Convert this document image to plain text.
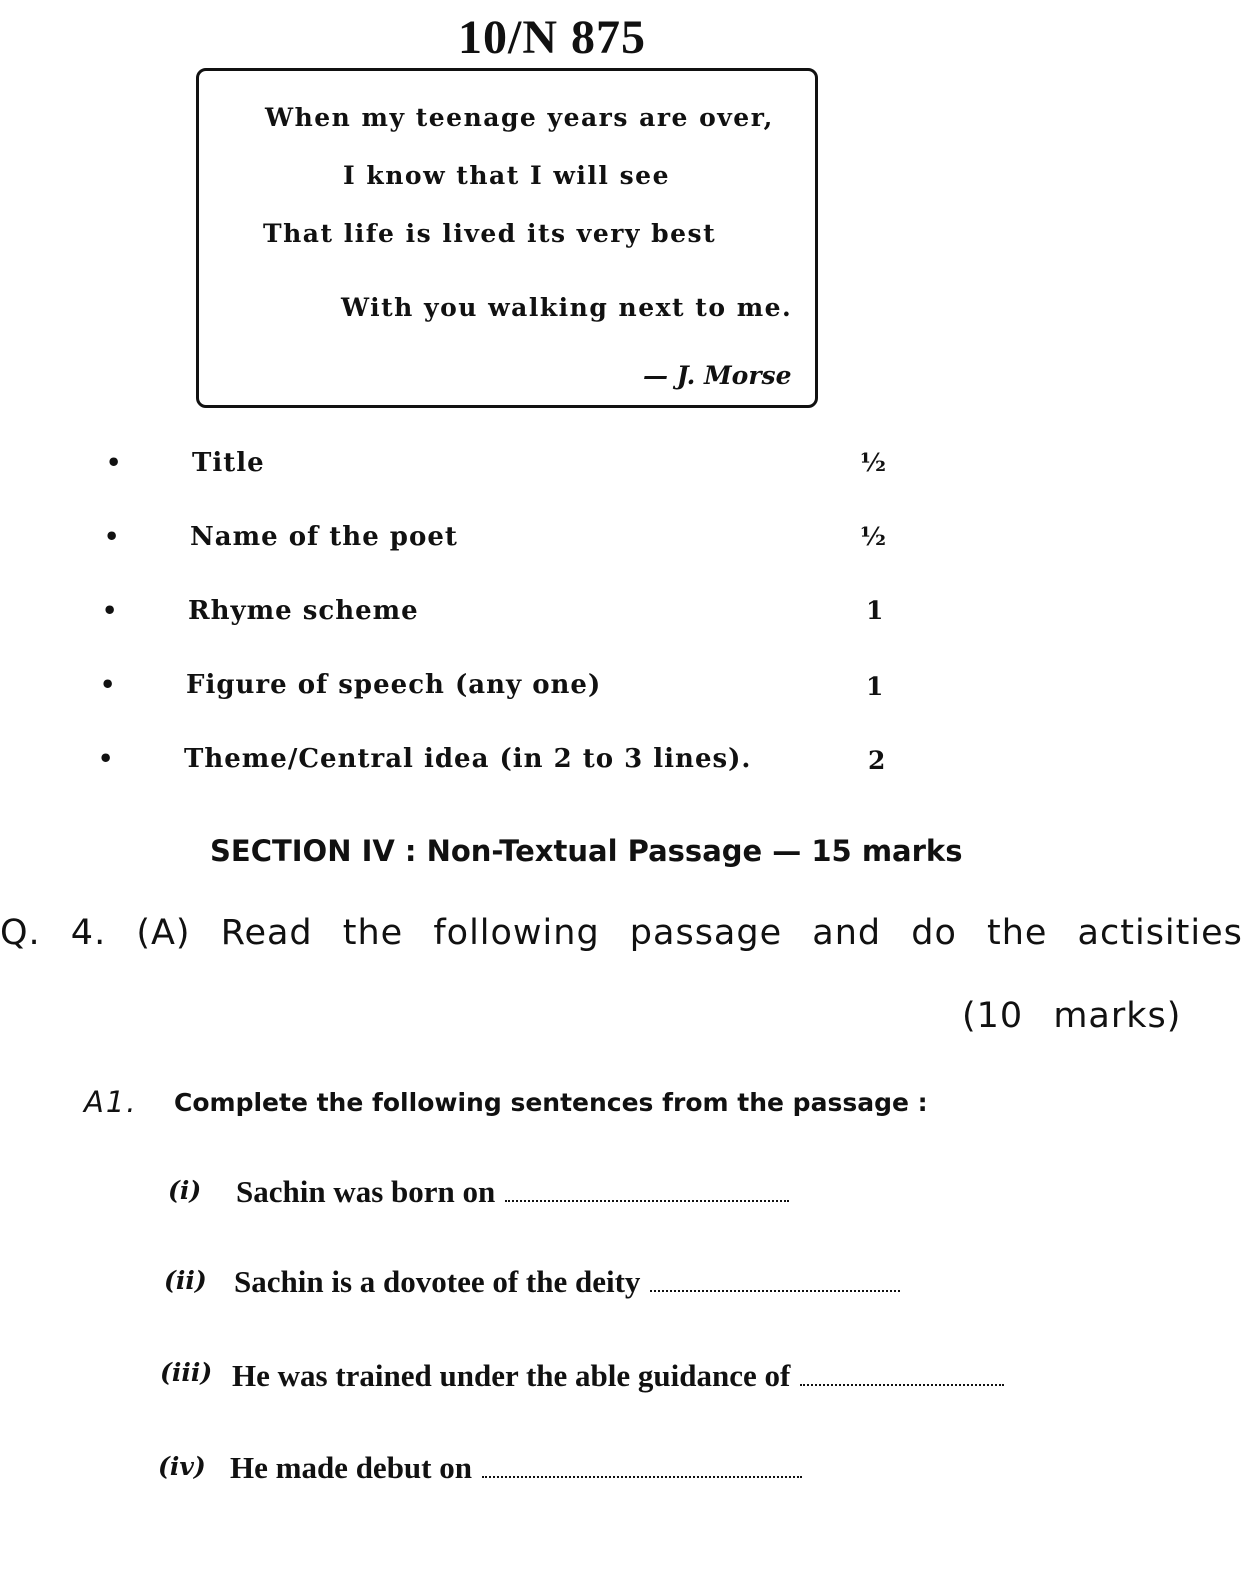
10/N 875
When my teenage years are over,
I know that I will see
That life is lived its very best
With you walking next to me.
— J. Morse
•	Title	½
•	Name of the poet	½
•	Rhyme scheme	1
•	Figure of speech (any one)	1
•	Theme/Central idea (in 2 to 3 lines).	2
SECTION IV : Non-Textual Passage — 15 marks
Q. 4. (A) Read the following passage and do the actisities
(10 marks)
A1. Complete the following sentences from the passage :
(i) Sachin was born on
(ii) Sachin is a dovotee of the deity
(iii) He was trained under the able guidance of
(iv) He made debut on
